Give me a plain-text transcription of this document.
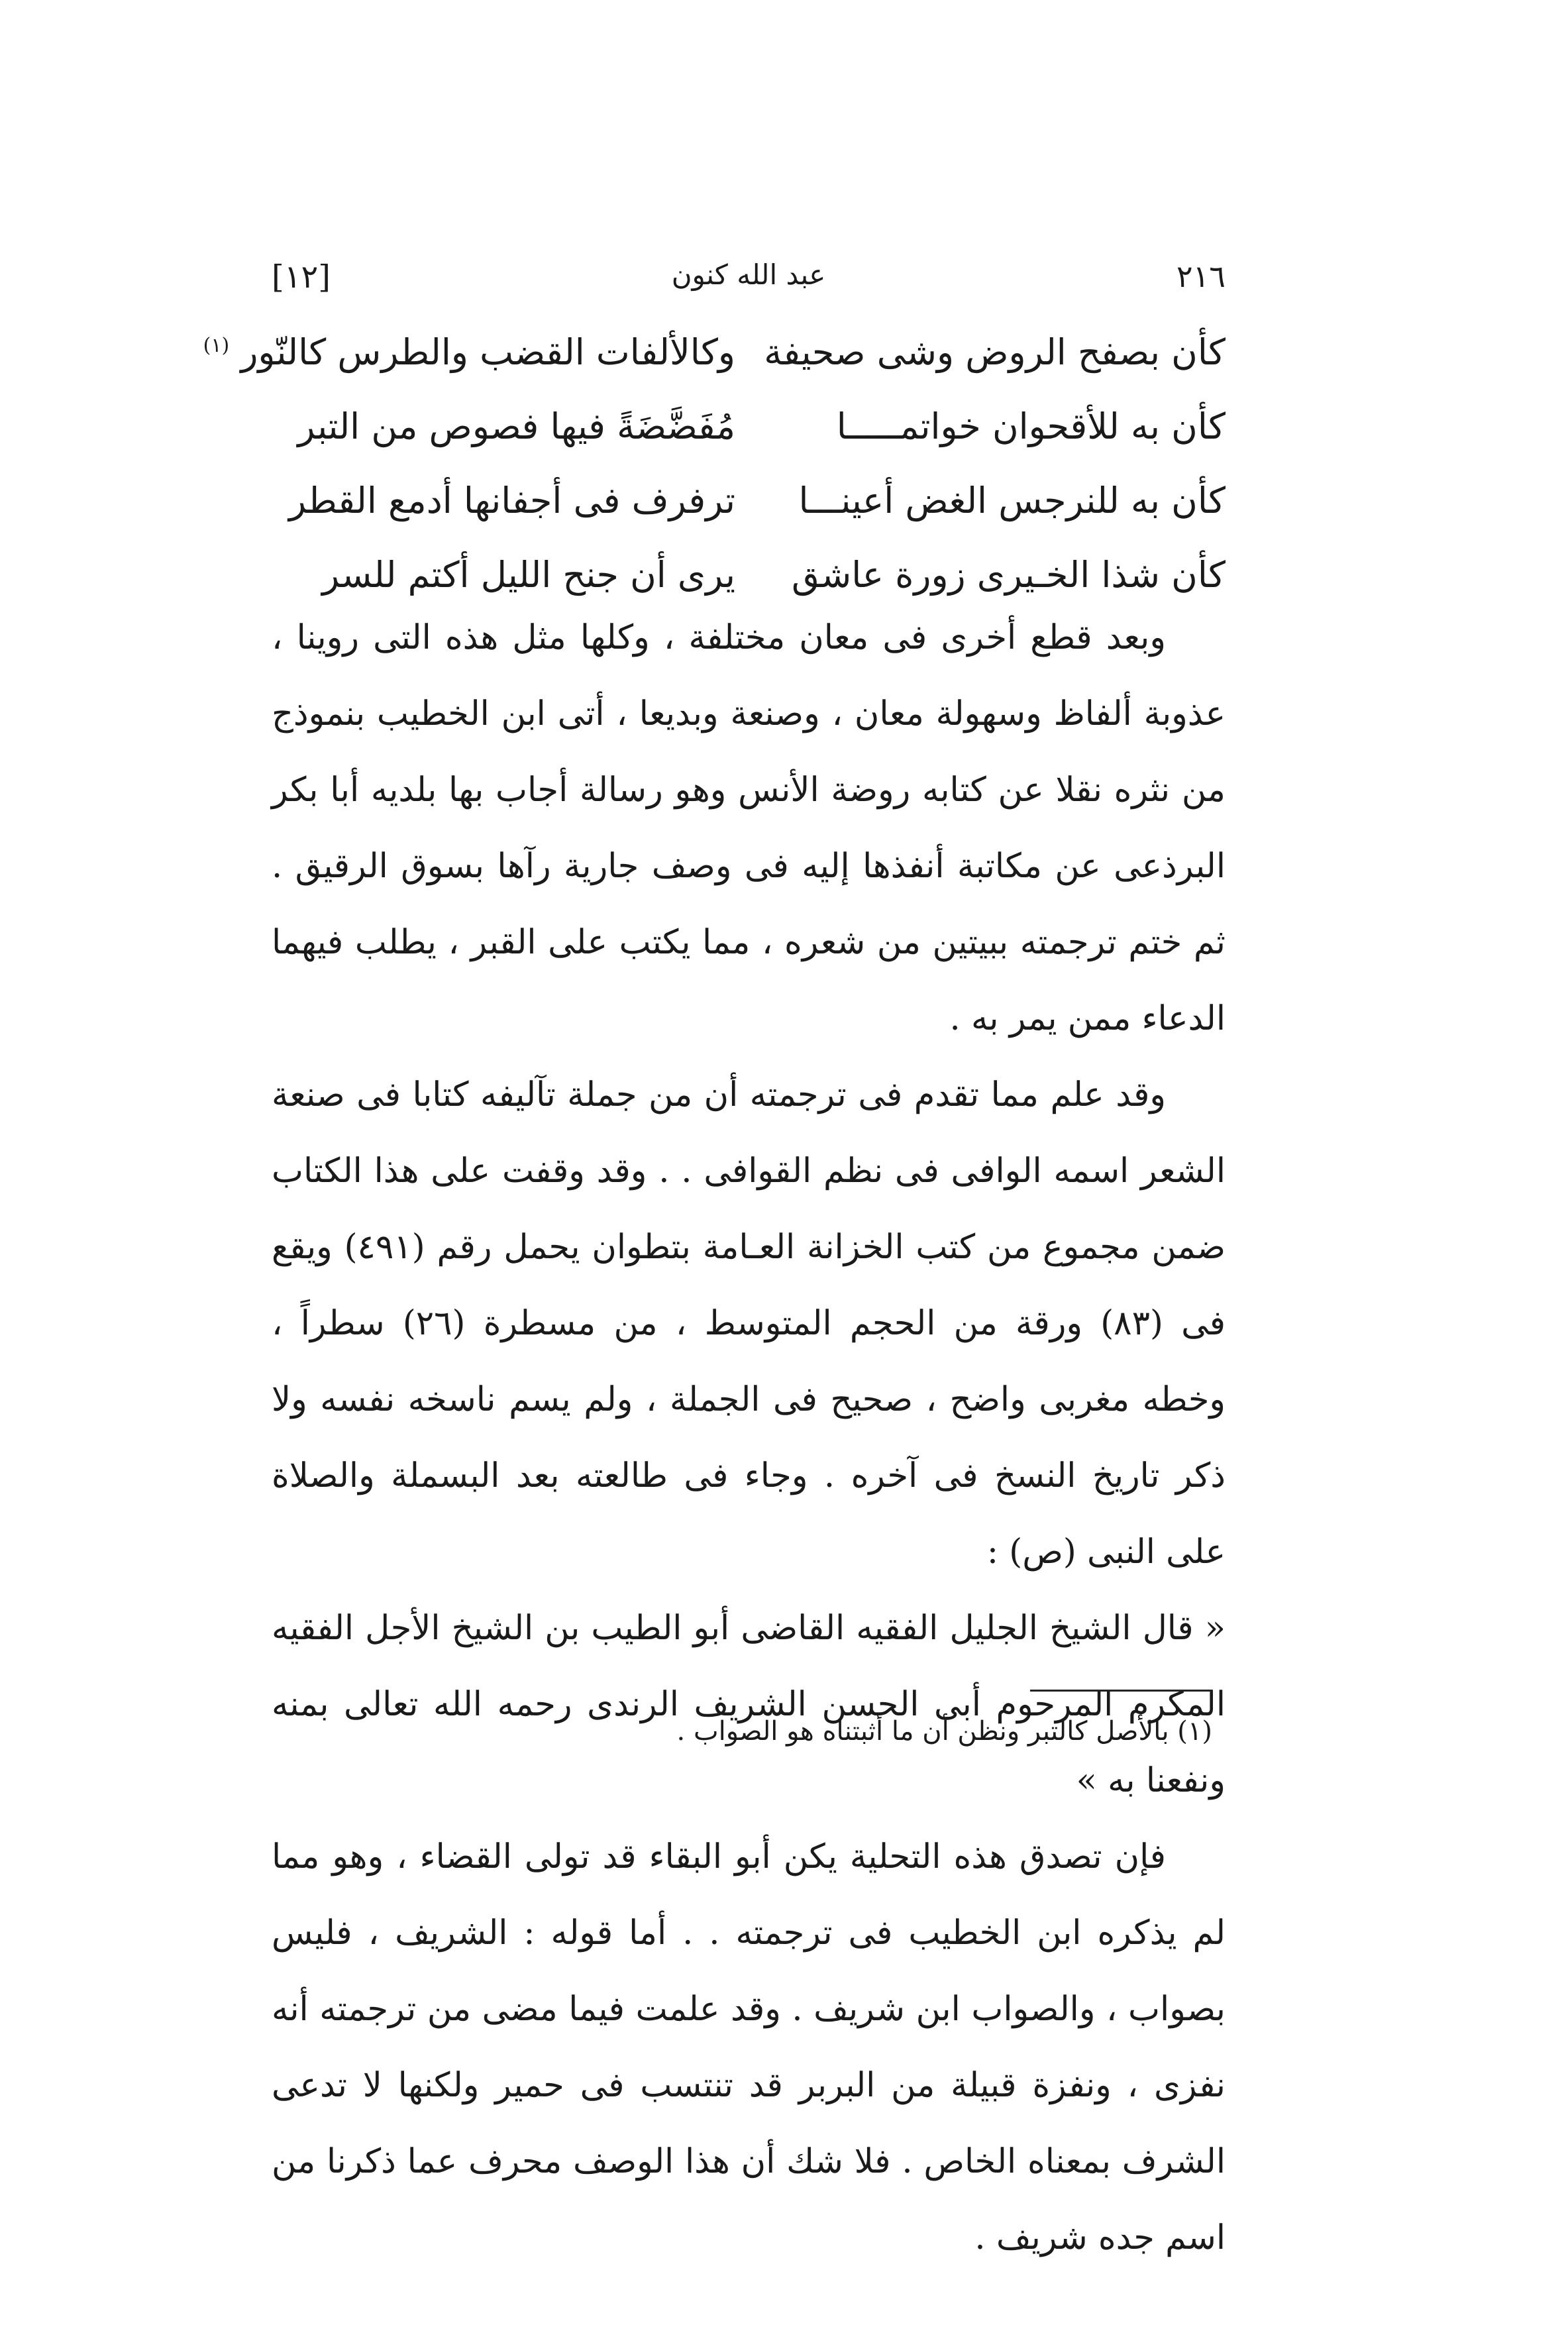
٢١٦
عبد الله كنون
[١٢]
كأن بصفح الروض وشى صحيفة
وكالألفات القضب والطرس كالنّور $^{(١)}$
كأن به للأقحوان خواتمـــــا
مُفَضَّضَةً فيها فصوص من التبر
كأن به للنرجس الغض أعينـــا
ترفرف فى أجفانها أدمع القطر
كأن شذا الخـيرى زورة عاشق
يرى أن جنح الليل أكتم للسر

وبعد قطع أخرى فى معان مختلفة ، وكلها مثل هذه التى روينا ، عذوبة ألفاظ وسهولة معان ، وصنعة وبديعا ، أتى ابن الخطيب بنموذج من نثره نقلا عن كتابه روضة الأنس وهو رسالة أجاب بها بلديه أبا بكر البرذعى عن مكاتبة أنفذها إليه فى وصف جارية رآها بسوق الرقيق . ثم ختم ترجمته ببيتين من شعره ، مما يكتب على القبر ، يطلب فيهما الدعاء ممن يمر به .

وقد علم مما تقدم فى ترجمته أن من جملة تآليفه كتابا فى صنعة الشعر اسمه الوافى فى نظم القوافى . . وقد وقفت على هذا الكتاب ضمن مجموع من كتب الخزانة العـامة بتطوان يحمل رقم (٤٩١) ويقع فى (٨٣) ورقة من الحجم المتوسط ، من مسطرة (٢٦) سطراً ، وخطه مغربى واضح ، صحيح فى الجملة ، ولم يسم ناسخه نفسه ولا ذكر تاريخ النسخ فى آخره . وجاء فى طالعته بعد البسملة والصلاة على النبى (ص) :

« قال الشيخ الجليل الفقيه القاضى أبو الطيب بن الشيخ الأجل الفقيه المكرم المرحوم أبى الحسن الشريف الرندى رحمه الله تعالى بمنه ونفعنا به »

فإن تصدق هذه التحلية يكن أبو البقاء قد تولى القضاء ، وهو مما لم يذكره ابن الخطيب فى ترجمته . . أما قوله : الشريف ، فليس بصواب ، والصواب ابن شريف . وقد علمت فيما مضى من ترجمته أنه نفزى ، ونفزة قبيلة من البربر قد تنتسب فى حمير ولكنها لا تدعى الشرف بمعناه الخاص . فلا شك أن هذا الوصف محرف عما ذكرنا من اسم جده شريف .

(١) بالأصل كالتبر ونظن أن ما أثبتناه هو الصواب .
